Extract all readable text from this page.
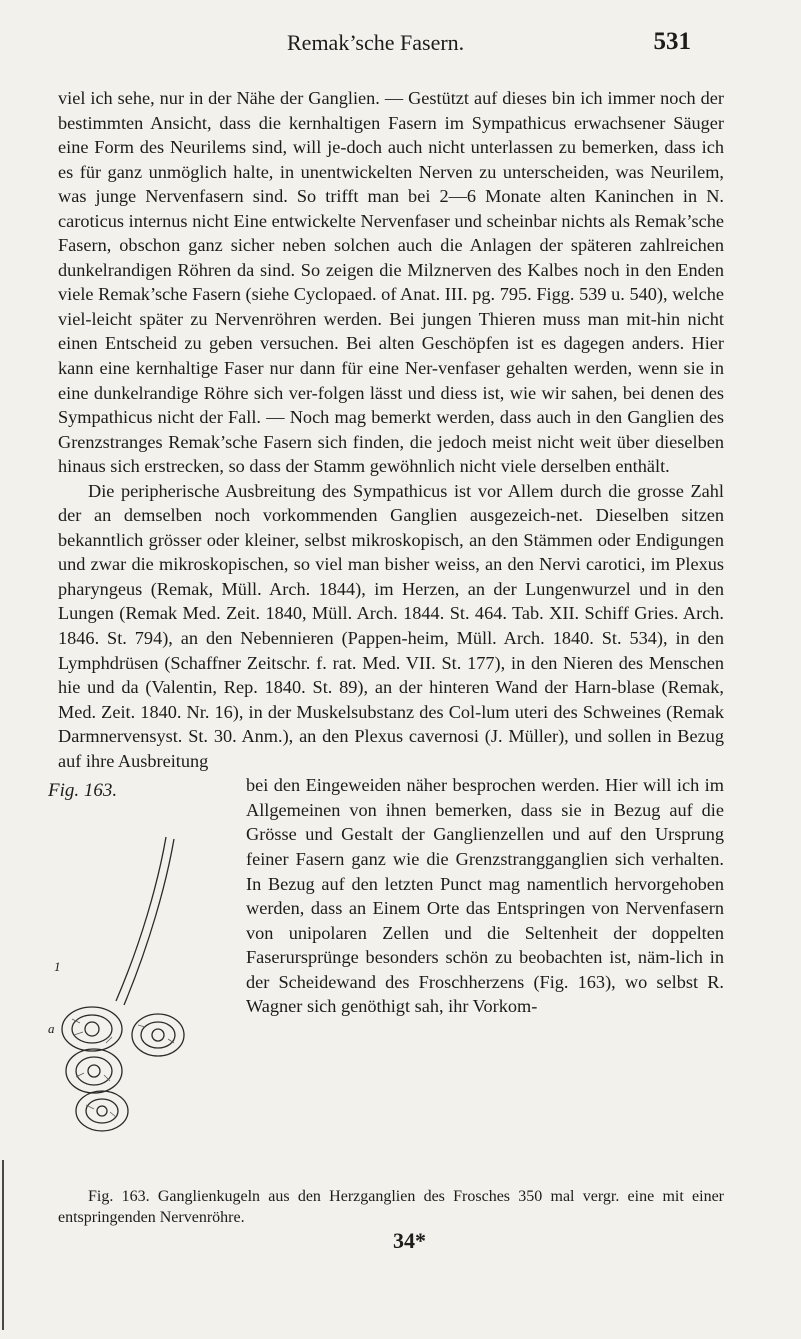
Remak’sche Fasern.	531

viel ich sehe, nur in der Nähe der Ganglien. — Gestützt auf dieses bin ich immer noch der bestimmten Ansicht, dass die kernhaltigen Fasern im Sympathicus erwachsener Säuger eine Form des Neurilems sind, will je-doch auch nicht unterlassen zu bemerken, dass ich es für ganz unmöglich halte, in unentwickelten Nerven zu unterscheiden, was Neurilem, was junge Nervenfasern sind. So trifft man bei 2—6 Monate alten Kaninchen in N. caroticus internus nicht Eine entwickelte Nervenfaser und scheinbar nichts als Remak’sche Fasern, obschon ganz sicher neben solchen auch die Anlagen der späteren zahlreichen dunkelrandigen Röhren da sind. So zeigen die Milznerven des Kalbes noch in den Enden viele Remak’sche Fasern (siehe Cyclopaed. of Anat. III. pg. 795. Figg. 539 u. 540), welche viel-leicht später zu Nervenröhren werden. Bei jungen Thieren muss man mit-hin nicht einen Entscheid zu geben versuchen. Bei alten Geschöpfen ist es dagegen anders. Hier kann eine kernhaltige Faser nur dann für eine Ner-venfaser gehalten werden, wenn sie in eine dunkelrandige Röhre sich ver-folgen lässt und diess ist, wie wir sahen, bei denen des Sympathicus nicht der Fall. — Noch mag bemerkt werden, dass auch in den Ganglien des Grenzstranges Remak’sche Fasern sich finden, die jedoch meist nicht weit über dieselben hinaus sich erstrecken, so dass der Stamm gewöhnlich nicht viele derselben enthält.

Die peripherische Ausbreitung des Sympathicus ist vor Allem durch die grosse Zahl der an demselben noch vorkommenden Ganglien ausgezeich-net. Dieselben sitzen bekanntlich grösser oder kleiner, selbst mikroskopisch, an den Stämmen oder Endigungen und zwar die mikroskopischen, so viel man bisher weiss, an den Nervi carotici, im Plexus pharyngeus (Remak, Müll. Arch. 1844), im Herzen, an der Lungenwurzel und in den Lungen (Remak Med. Zeit. 1840, Müll. Arch. 1844. St. 464. Tab. XII. Schiff Gries. Arch. 1846. St. 794), an den Nebennieren (Pappen-heim, Müll. Arch. 1840. St. 534), in den Lymphdrüsen (Schaffner Zeitschr. f. rat. Med. VII. St. 177), in den Nieren des Menschen hie und da (Valentin, Rep. 1840. St. 89), an der hinteren Wand der Harn-blase (Remak, Med. Zeit. 1840. Nr. 16), in der Muskelsubstanz des Col-lum uteri des Schweines (Remak Darmnervensyst. St. 30. Anm.), an den Plexus cavernosi (J. Müller), und sollen in Bezug auf ihre Ausbreitung

1
a
Fig. 163.	bei den Eingeweiden näher besprochen werden. Hier will ich im Allgemeinen von ihnen bemerken, dass sie in Bezug auf die Grösse und Gestalt der Ganglienzellen und auf den Ursprung feiner Fasern ganz wie die Grenzstrangganglien sich verhalten. In Bezug auf den letzten Punct mag namentlich hervorgehoben werden, dass an Einem Orte das Entspringen von Nervenfasern von unipolaren Zellen und die Seltenheit der doppelten Faserursprünge besonders schön zu beobachten ist, näm-lich in der Scheidewand des Froschherzens (Fig. 163), wo selbst R. Wagner sich genöthigt sah, ihr Vorkom-

Fig. 163. Ganglienkugeln aus den Herzganglien des Frosches 350 mal vergr. eine mit einer entspringenden Nervenröhre.

34*
